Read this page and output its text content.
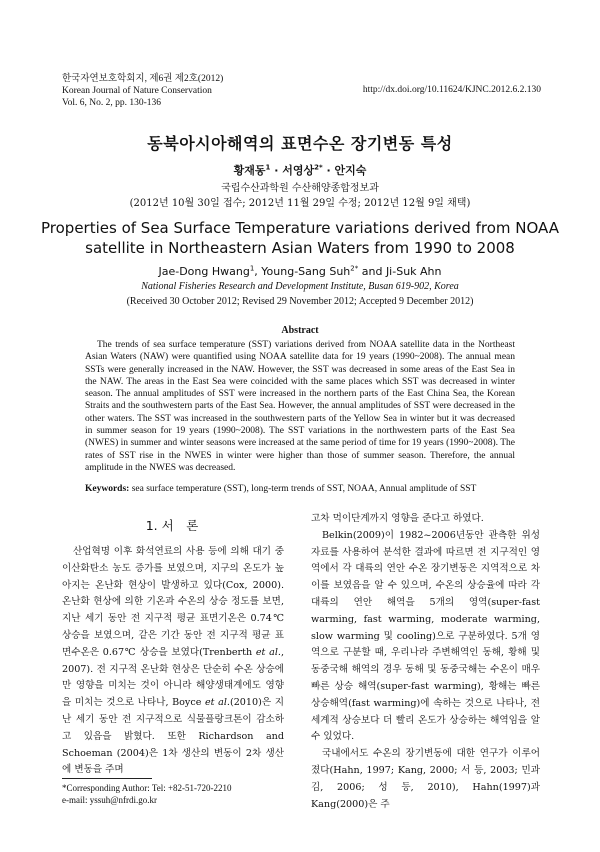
한국자연보호학회지, 제6권 제2호(2012)
Korean Journal of Nature Conservation
Vol. 6, No. 2, pp. 130-136
http://dx.doi.org/10.11624/KJNC.2012.6.2.130
동북아시아해역의 표면수온 장기변동 특성
황재동$^1$ · 서영상$^{2*}$ · 안지숙
국립수산과학원 수산해양종합정보과
(2012년 10월 30일 접수; 2012년 11월 29일 수정; 2012년 12월 9일 채택)
Properties of Sea Surface Temperature variations derived from NOAA
satellite in Northeastern Asian Waters from 1990 to 2008
Jae-Dong Hwang$^1$, Young-Sang Suh$^{2*}$ and Ji-Suk Ahn
National Fisheries Research and Development Institute, Busan 619-902, Korea
(Received 30 October 2012; Revised 29 November 2012; Accepted 9 December 2012)
Abstract
The trends of sea surface temperature (SST) variations derived from NOAA satellite data in the Northeast Asian Waters (NAW) were quantified using NOAA satellite data for 19 years (1990~2008). The annual mean SSTs were generally increased in the NAW. However, the SST was decreased in some areas of the East Sea in the NAW. The areas in the East Sea were coincided with the same places which SST was decreased in winter season. The annual amplitudes of SST were increased in the northern parts of the East China Sea, the Korean Straits and the southwestern parts of the East Sea. However, the annual amplitudes of SST were decreased in the other waters. The SST was increased in the southwestern parts of the Yellow Sea in winter but it was decreased in summer season for 19 years (1990~2008). The SST variations in the northwestern parts of the East Sea (NWES) in summer and winter seasons were increased at the same period of time for 19 years (1990~2008). The rates of SST rise in the NWES in winter were higher than those of summer season. Therefore, the annual amplitude in the NWES was decreased.
Keywords: sea surface temperature (SST), long-term trends of SST, NOAA, Annual amplitude of SST
1. 서　론

산업혁명 이후 화석연료의 사용 등에 의해 대기 중 이산화탄소 농도 증가를 보였으며, 지구의 온도가 높아지는 온난화 현상이 발생하고 있다(Cox, 2000). 온난화 현상에 의한 기온과 수온의 상승 정도를 보면, 지난 세기 동안 전 지구적 평균 표면기온은 0.74℃ 상승을 보였으며, 같은 기간 동안 전 지구적 평균 표면수온은 0.67℃ 상승을 보였다(Trenberth et al., 2007). 전 지구적 온난화 현상은 단순히 수온 상승에만 영향을 미치는 것이 아니라 해양생태계에도 영향을 미치는 것으로 나타나, Boyce et al.(2010)은 지난 세기 동안 전 지구적으로 식물플랑크톤이 감소하고 있음을 밝혔다. 또한 Richardson and Schoeman (2004)은 1차 생산의 변동이 2차 생산에 변동을 주며

고차 먹이단계까지 영향을 준다고 하였다.

Belkin(2009)이 1982~2006년동안 관측한 위성자료를 사용하여 분석한 결과에 따르면 전 지구적인 영역에서 각 대륙의 연안 수온 장기변동은 지역적으로 차이를 보였음을 알 수 있으며, 수온의 상승율에 따라 각 대륙의 연안 해역을 5개의 영역(super-fast warming, fast warming, moderate warming, slow warming 및 cooling)으로 구분하였다. 5개 영역으로 구분할 때, 우리나라 주변해역인 동해, 황해 및 동중국해 해역의 경우 동해 및 동중국해는 수온이 매우 빠른 상승 해역(super-fast warming), 황해는 빠른 상승해역(fast warming)에 속하는 것으로 나타나, 전 세계적 상승보다 더 빨리 온도가 상승하는 해역임을 알 수 있었다.

국내에서도 수온의 장기변동에 대한 연구가 이루어졌다(Hahn, 1997; Kang, 2000; 서 등, 2003; 민과 김, 2006; 성 등, 2010), Hahn(1997)과 Kang(2000)은 주

*Corresponding Author: Tel: +82-51-720-2210
e-mail: yssuh@nfrdi.go.kr
